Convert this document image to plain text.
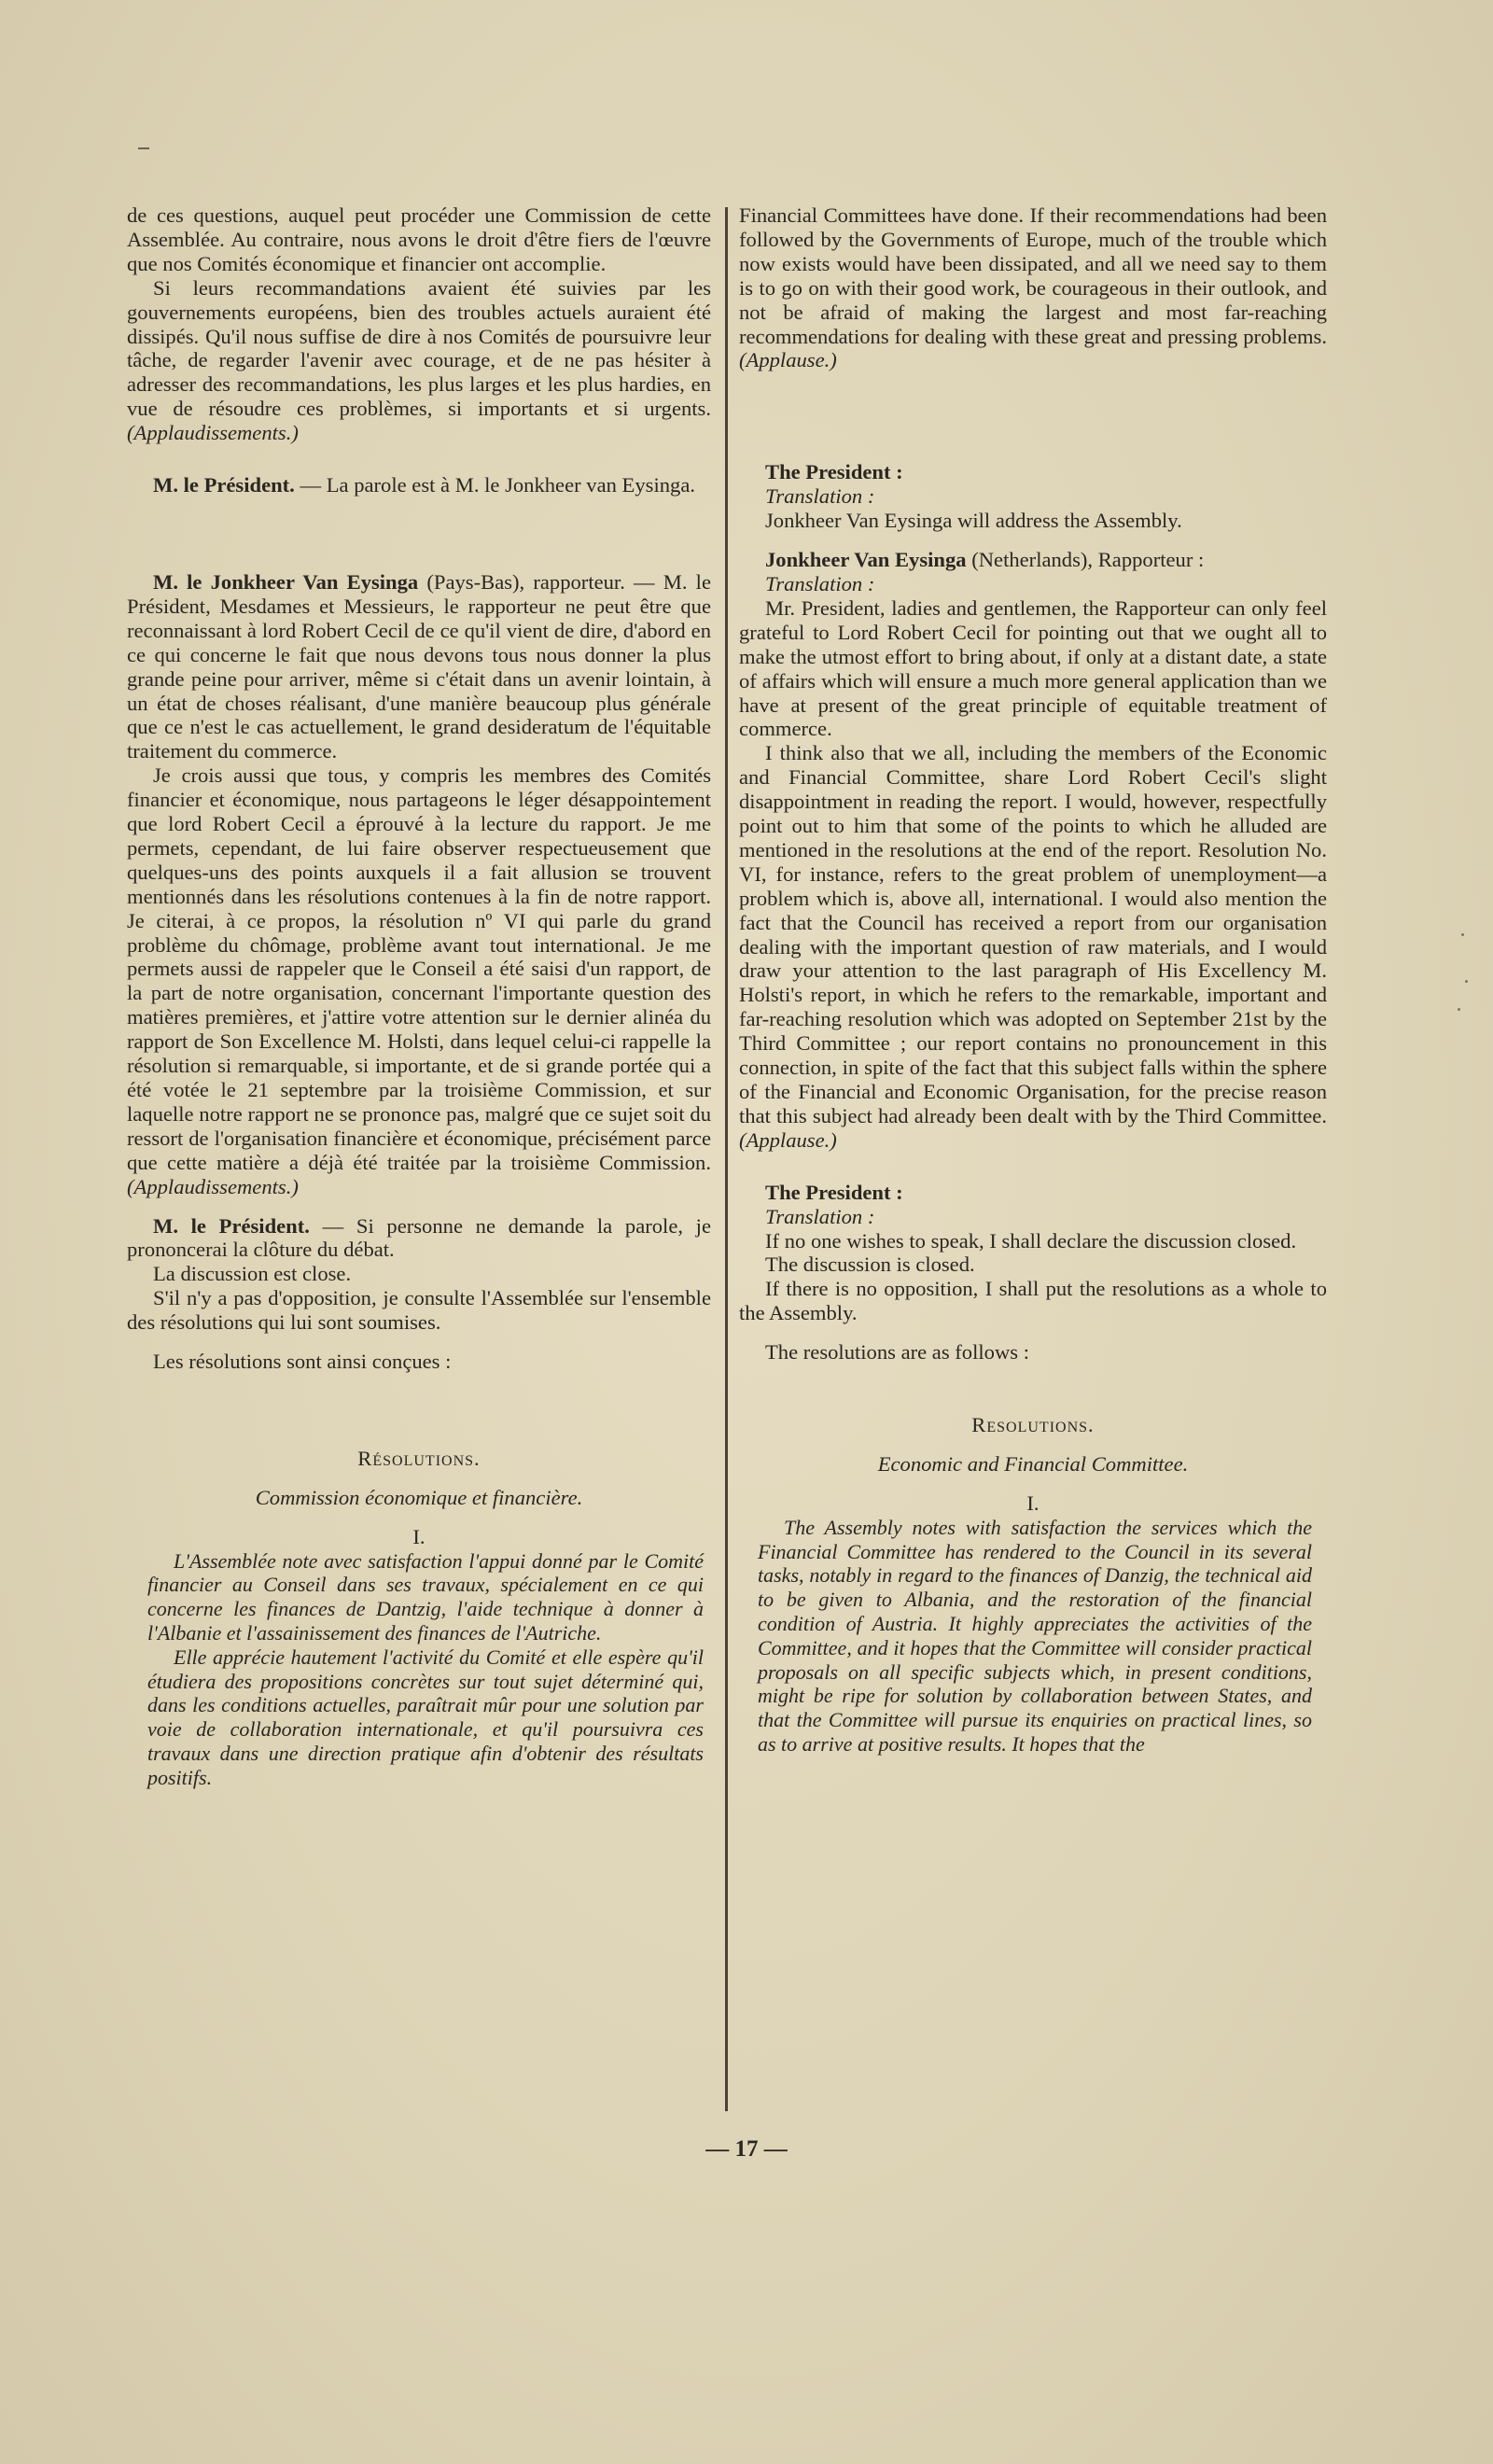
de ces questions, auquel peut procéder une Commission de cette Assemblée. Au contraire, nous avons le droit d'être fiers de l'œuvre que nos Comités économique et financier ont accomplie.

Si leurs recommandations avaient été suivies par les gouvernements européens, bien des troubles actuels auraient été dissipés. Qu'il nous suffise de dire à nos Comités de poursuivre leur tâche, de regarder l'avenir avec courage, et de ne pas hésiter à adresser des recommandations, les plus larges et les plus hardies, en vue de résoudre ces problèmes, si importants et si urgents. (Applaudissements.)

M. le Président. — La parole est à M. le Jonkheer van Eysinga.

M. le Jonkheer Van Eysinga (Pays-Bas), rapporteur. — M. le Président, Mesdames et Messieurs, le rapporteur ne peut être que reconnaissant à lord Robert Cecil de ce qu'il vient de dire, d'abord en ce qui concerne le fait que nous devons tous nous donner la plus grande peine pour arriver, même si c'était dans un avenir lointain, à un état de choses réalisant, d'une manière beaucoup plus générale que ce n'est le cas actuellement, le grand desideratum de l'équitable traitement du commerce.

Je crois aussi que tous, y compris les membres des Comités financier et économique, nous partageons le léger désappointement que lord Robert Cecil a éprouvé à la lecture du rapport. Je me permets, cependant, de lui faire observer respectueusement que quelques-uns des points auxquels il a fait allusion se trouvent mentionnés dans les résolutions contenues à la fin de notre rapport. Je citerai, à ce propos, la résolution nº VI qui parle du grand problème du chômage, problème avant tout international. Je me permets aussi de rappeler que le Conseil a été saisi d'un rapport, de la part de notre organisation, concernant l'importante question des matières premières, et j'attire votre attention sur le dernier alinéa du rapport de Son Excellence M. Holsti, dans lequel celui-ci rappelle la résolution si remarquable, si importante, et de si grande portée qui a été votée le 21 septembre par la troisième Commission, et sur laquelle notre rapport ne se prononce pas, malgré que ce sujet soit du ressort de l'organisation financière et économique, précisément parce que cette matière a déjà été traitée par la troisième Commission. (Applaudissements.)

M. le Président. — Si personne ne demande la parole, je prononcerai la clôture du débat.

La discussion est close.

S'il n'y a pas d'opposition, je consulte l'Assemblée sur l'ensemble des résolutions qui lui sont soumises.

Les résolutions sont ainsi conçues :

Résolutions.

Commission économique et financière.

I.

L'Assemblée note avec satisfaction l'appui donné par le Comité financier au Conseil dans ses travaux, spécialement en ce qui concerne les finances de Dantzig, l'aide technique à donner à l'Albanie et l'assainissement des finances de l'Autriche.

Elle apprécie hautement l'activité du Comité et elle espère qu'il étudiera des propositions concrètes sur tout sujet déterminé qui, dans les conditions actuelles, paraîtrait mûr pour une solution par voie de collaboration internationale, et qu'il poursuivra ces travaux dans une direction pratique afin d'obtenir des résultats positifs.

Financial Committees have done. If their recommendations had been followed by the Governments of Europe, much of the trouble which now exists would have been dissipated, and all we need say to them is to go on with their good work, be courageous in their outlook, and not be afraid of making the largest and most far-reaching recommendations for dealing with these great and pressing problems. (Applause.)

The President :

Translation :

Jonkheer Van Eysinga will address the Assembly.

Jonkheer Van Eysinga (Netherlands), Rapporteur :

Translation :

Mr. President, ladies and gentlemen, the Rapporteur can only feel grateful to Lord Robert Cecil for pointing out that we ought all to make the utmost effort to bring about, if only at a distant date, a state of affairs which will ensure a much more general application than we have at present of the great principle of equitable treatment of commerce.

I think also that we all, including the members of the Economic and Financial Committee, share Lord Robert Cecil's slight disappointment in reading the report. I would, however, respectfully point out to him that some of the points to which he alluded are mentioned in the resolutions at the end of the report. Resolution No. VI, for instance, refers to the great problem of unemployment—a problem which is, above all, international. I would also mention the fact that the Council has received a report from our organisation dealing with the important question of raw materials, and I would draw your attention to the last paragraph of His Excellency M. Holsti's report, in which he refers to the remarkable, important and far-reaching resolution which was adopted on September 21st by the Third Committee ; our report contains no pronouncement in this connection, in spite of the fact that this subject falls within the sphere of the Financial and Economic Organisation, for the precise reason that this subject had already been dealt with by the Third Committee. (Applause.)

The President :

Translation :

If no one wishes to speak, I shall declare the discussion closed.

The discussion is closed.

If there is no opposition, I shall put the resolutions as a whole to the Assembly.

The resolutions are as follows :

Resolutions.

Economic and Financial Committee.

I.

The Assembly notes with satisfaction the services which the Financial Committee has rendered to the Council in its several tasks, notably in regard to the finances of Danzig, the technical aid to be given to Albania, and the restoration of the financial condition of Austria. It highly appreciates the activities of the Committee, and it hopes that the Committee will consider practical proposals on all specific subjects which, in present conditions, might be ripe for solution by collaboration between States, and that the Committee will pursue its enquiries on practical lines, so as to arrive at positive results. It hopes that the

— 17 —
